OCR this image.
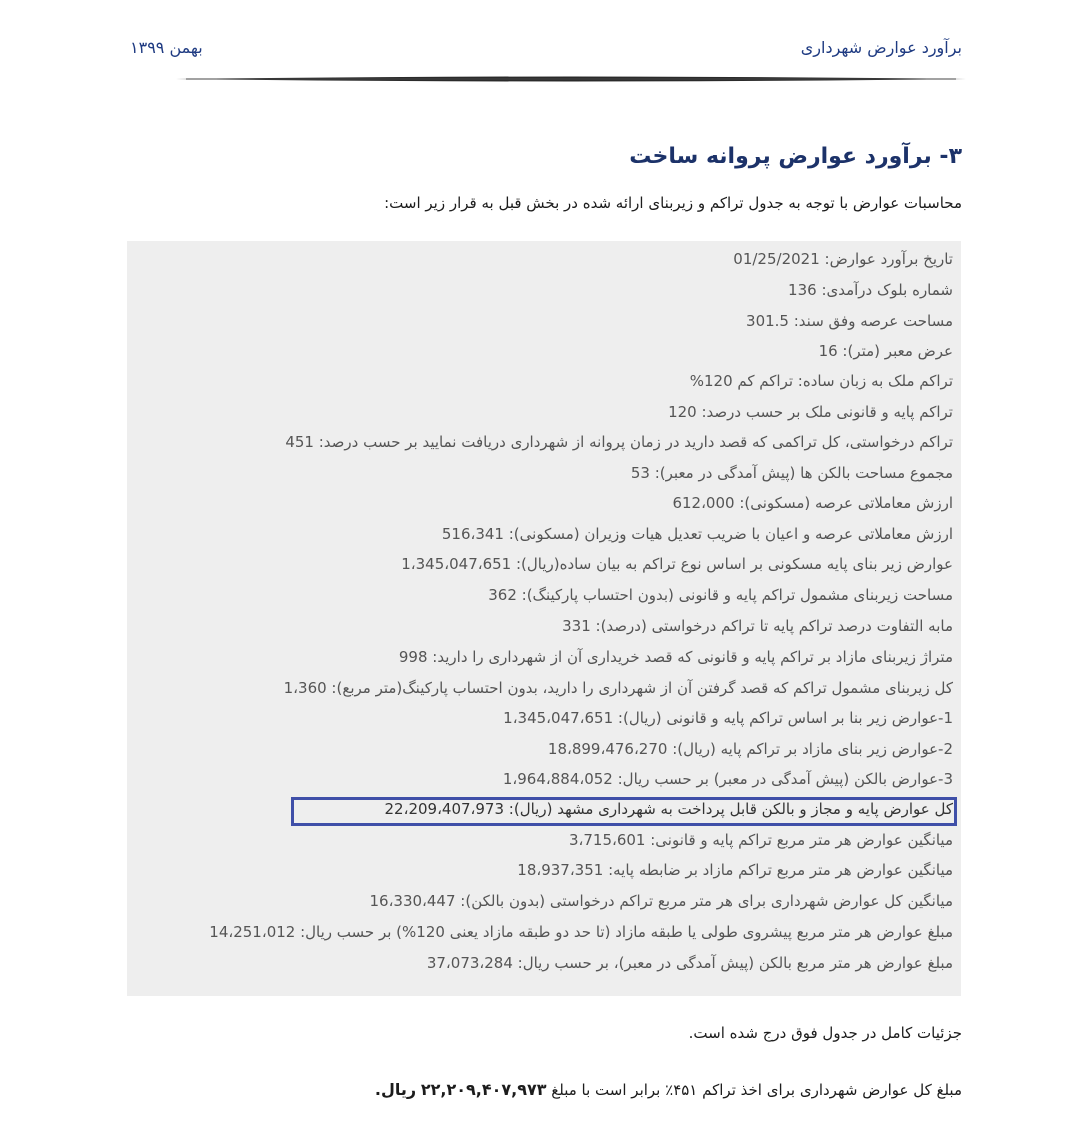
برآورد عوارض شهرداری
بهمن ۱۳۹۹
۳- برآورد عوارض پروانه ساخت
محاسبات عوارض با توجه به جدول تراکم و زیربنای ارائه شده در بخش قبل به قرار زیر است:
تاریخ برآورد عوارض: 01/25/2021
شماره بلوک درآمدی: 136
مساحت عرصه وفق سند: 301.5
عرض معبر (متر): 16
تراکم ملک به زبان ساده: تراکم کم 120%
تراکم پایه و قانونی ملک بر حسب درصد: 120
تراکم درخواستی، کل تراکمی که قصد دارید در زمان پروانه از شهرداری دریافت نمایید بر حسب درصد: 451
مجموع مساحت بالکن ها (پیش آمدگی در معبر): 53
ارزش معاملاتی عرصه (مسکونی): 612،000
ارزش معاملاتی عرصه و اعیان با ضریب تعدیل هیات وزیران (مسکونی): 516،341
عوارض زیر بنای پایه مسکونی بر اساس نوع تراکم به بیان ساده(ریال): 1،345،047،651
مساحت زیربنای مشمول تراکم پایه و قانونی (بدون احتساب پارکینگ): 362
مابه التفاوت درصد تراکم پایه تا تراکم درخواستی (درصد): 331
متراژ زیربنای مازاد بر تراکم پایه و قانونی که قصد خریداری آن از شهرداری را دارید: 998
کل زیربنای مشمول تراکم که قصد گرفتن آن از شهرداری را دارید، بدون احتساب پارکینگ(متر مربع): 1،360
1-عوارض زیر بنا بر اساس تراکم پایه و قانونی (ریال): 1،345،047،651
2-عوارض زیر بنای مازاد بر تراکم پایه (ریال): 18،899،476،270
3-عوارض بالکن (پیش آمدگی در معبر) بر حسب ریال: 1،964،884،052
کل عوارض پایه و مجاز و بالکن قابل پرداخت به شهرداری مشهد (ریال): 22،209،407،973
میانگین عوارض هر متر مربع تراکم پایه و قانونی: 3،715،601
میانگین عوارض هر متر مربع تراکم مازاد بر ضابطه پایه: 18،937،351
میانگین کل عوارض شهرداری برای هر متر مربع تراکم درخواستی (بدون بالکن): 16،330،447
مبلغ عوارض هر متر مربع پیشروی طولی یا طبقه مازاد (تا حد دو طبقه مازاد یعنی 120%) بر حسب ریال: 14،251،012
مبلغ عوارض هر متر مربع بالکن (پیش آمدگی در معبر)، بر حسب ریال: 37،073،284
جزئیات کامل در جدول فوق درج شده است.
مبلغ کل عوارض شهرداری برای اخذ تراکم ۴۵۱٪ برابر است با مبلغ ۲۲,۲۰۹,۴۰۷,۹۷۳ ریال.
